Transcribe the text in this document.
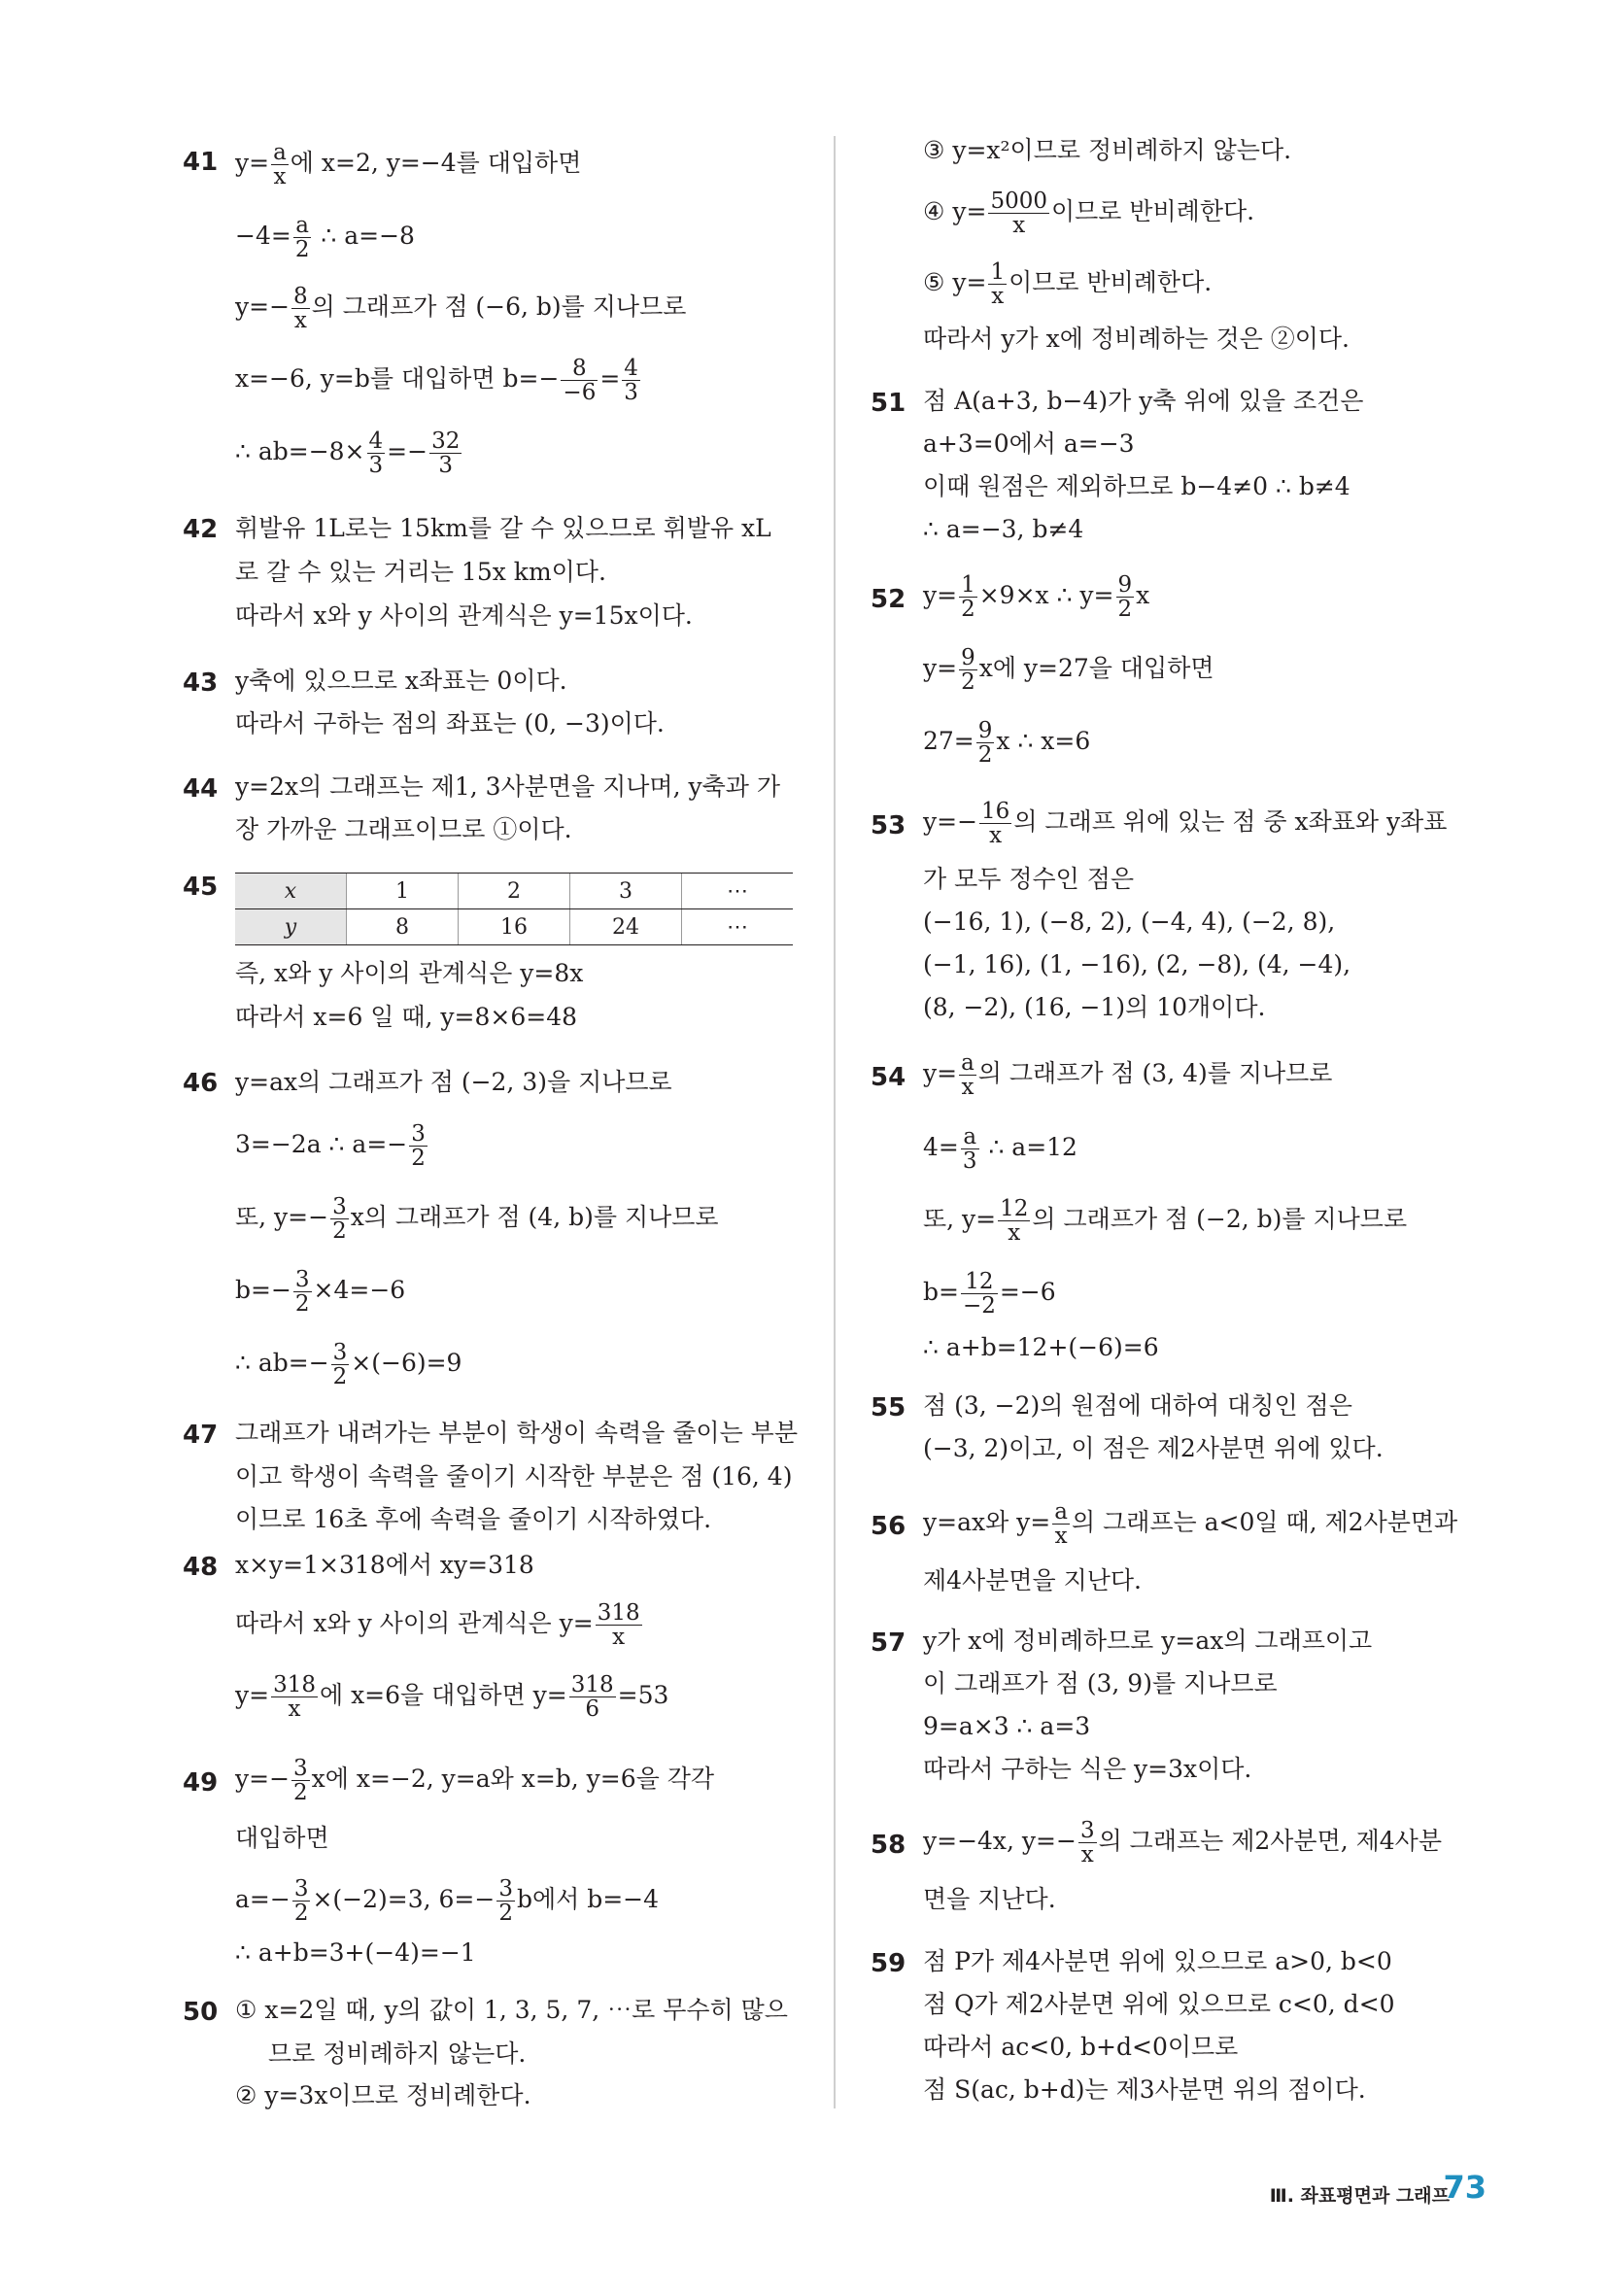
41 $y= \frac{a}{x}$ 에 x=2, y=−4를 대입하면
$-4= \frac{a}{2}$ ∴ a=−8
$y=- \frac{8}{x}$ 의 그래프가 점 (−6, b)를 지나므로
x=−6, y=b를 대입하면 $b=- \frac{8}{-6} = \frac{4}{3}$
∴ $ab=-8\times \frac{4}{3} =- \frac{32}{3}$
42 휘발유 1L로는 15km를 갈 수 있으므로 휘발유 xL
로 갈 수 있는 거리는 15x km이다.
따라서 x와 y 사이의 관계식은 y=15x이다.
43 y축에 있으므로 x좌표는 0이다.
따라서 구하는 점의 좌표는 (0, −3)이다.
44 y=2x의 그래프는 제1, 3사분면을 지나며, y축과 가
장 가까운 그래프이므로 ①이다.
45	x	1	2	3	⋯
y	8	16	24	⋯
즉, x와 y 사이의 관계식은 y=8x
따라서 x=6 일 때, y=8×6=48
46 y=ax의 그래프가 점 (−2, 3)을 지나므로
3=−2a ∴ $a=- \frac{3}{2}$
또, $y=- \frac{3}{2}$ x의 그래프가 점 (4, b)를 지나므로
$b=- \frac{3}{2} \times 4=-6$
∴ $ab=- \frac{3}{2} \times(-6)=9$
47 그래프가 내려가는 부분이 학생이 속력을 줄이는 부분
이고 학생이 속력을 줄이기 시작한 부분은 점 (16, 4)
이므로 16초 후에 속력을 줄이기 시작하였다.
48 x×y=1×318에서 xy=318
따라서 x와 y 사이의 관계식은 $y= \frac{318}{x}$
$y= \frac{318}{x}$ 에 x=6을 대입하면 $y= \frac{318}{6} =53$
49 $y=- \frac{3}{2}$ x에 x=−2, y=a와 x=b, y=6을 각각
대입하면
$a=- \frac{3}{2} \times(-2)=3$, $6=- \frac{3}{2}$ b에서 b=−4
∴ a+b=3+(−4)=−1
50 ① x=2일 때, y의 값이 1, 3, 5, 7, ⋯로 무수히 많으
므로 정비례하지 않는다.
② y=3x이므로 정비례한다.
③ y=x²이므로 정비례하지 않는다.
④ $y= \frac{5000}{x}$ 이므로 반비례한다.
⑤ $y= \frac{1}{x}$ 이므로 반비례한다.
따라서 y가 x에 정비례하는 것은 ②이다.
51 점 A(a+3, b−4)가 y축 위에 있을 조건은
a+3=0에서 a=−3
이때 원점은 제외하므로 b−4≠0 ∴ b≠4
∴ a=−3, b≠4
52 $y= \frac{1}{2} \times 9\times x$ ∴ $y= \frac{9}{2}$ x
$y= \frac{9}{2}$ x에 y=27을 대입하면
$27= \frac{9}{2}$ x ∴ x=6
53 $y=- \frac{16}{x}$ 의 그래프 위에 있는 점 중 x좌표와 y좌표
가 모두 정수인 점은
(−16, 1), (−8, 2), (−4, 4), (−2, 8),
(−1, 16), (1, −16), (2, −8), (4, −4),
(8, −2), (16, −1)의 10개이다.
54 $y= \frac{a}{x}$ 의 그래프가 점 (3, 4)를 지나므로
$4= \frac{a}{3}$ ∴ a=12
또, $y= \frac{12}{x}$ 의 그래프가 점 (−2, b)를 지나므로
$b= \frac{12}{-2} =-6$
∴ a+b=12+(−6)=6
55 점 (3, −2)의 원점에 대하여 대칭인 점은
(−3, 2)이고, 이 점은 제2사분면 위에 있다.
56 y=ax와 $y= \frac{a}{x}$ 의 그래프는 a<0일 때, 제2사분면과
제4사분면을 지난다.
57 y가 x에 정비례하므로 y=ax의 그래프이고
이 그래프가 점 (3, 9)를 지나므로
9=a×3 ∴ a=3
따라서 구하는 식은 y=3x이다.
58 y=−4x, $y=- \frac{3}{x}$ 의 그래프는 제2사분면, 제4사분
면을 지난다.
59 점 P가 제4사분면 위에 있으므로 a>0, b<0
점 Q가 제2사분면 위에 있으므로 c<0, d<0
따라서 ac<0, b+d<0이므로
점 S(ac, b+d)는 제3사분면 위의 점이다.
Ⅲ. 좌표평면과 그래프
73
